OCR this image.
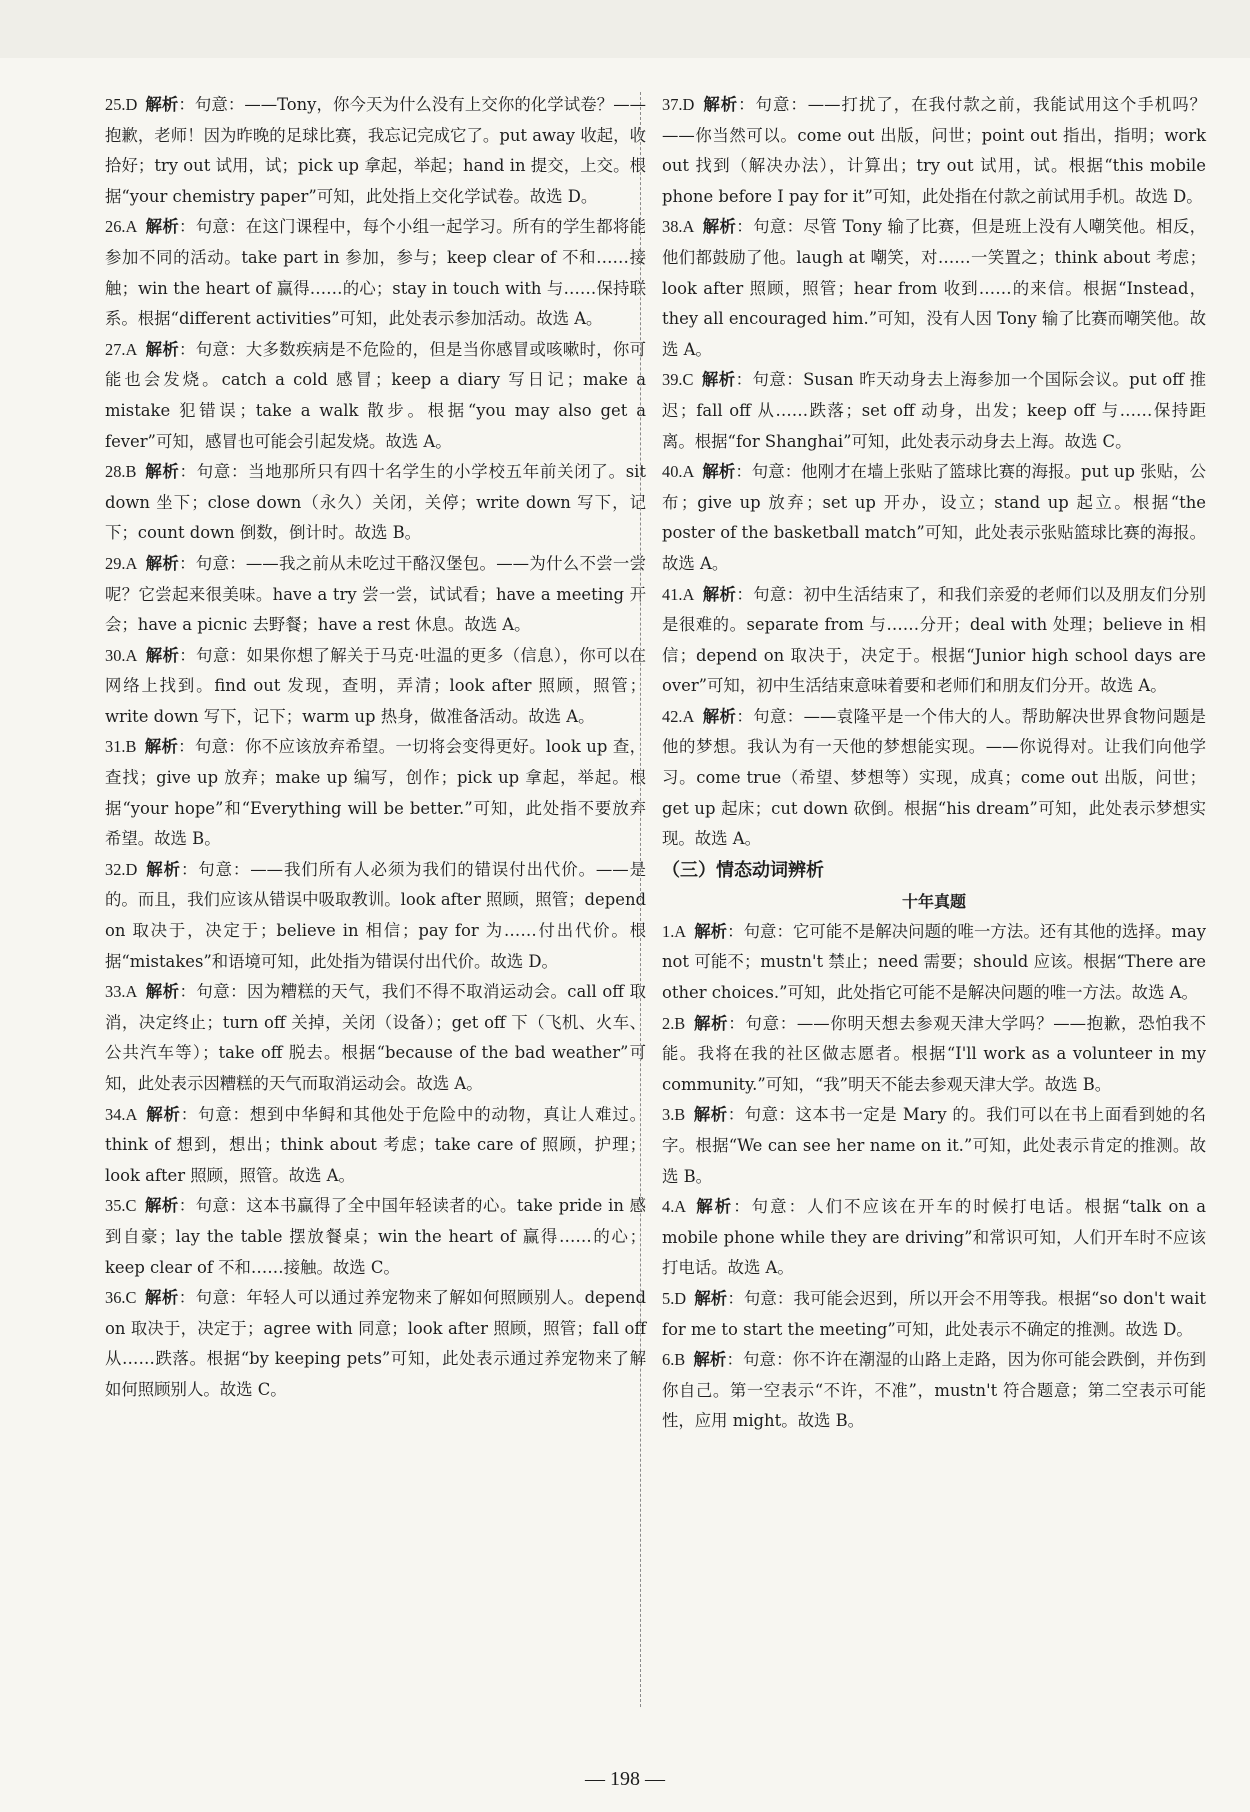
25.D 解析：句意：——Tony，你今天为什么没有上交你的化学试卷？——抱歉，老师！因为昨晚的足球比赛，我忘记完成它了。put away 收起，收拾好；try out 试用，试；pick up 拿起，举起；hand in 提交，上交。根据“your chemistry paper”可知，此处指上交化学试卷。故选 D。
26.A 解析：句意：在这门课程中，每个小组一起学习。所有的学生都将能参加不同的活动。take part in 参加，参与；keep clear of 不和……接触；win the heart of 赢得……的心；stay in touch with 与……保持联系。根据“different activities”可知，此处表示参加活动。故选 A。
27.A 解析：句意：大多数疾病是不危险的，但是当你感冒或咳嗽时，你可能也会发烧。catch a cold 感冒；keep a diary 写日记；make a mistake 犯错误；take a walk 散步。根据“you may also get a fever”可知，感冒也可能会引起发烧。故选 A。
28.B 解析：句意：当地那所只有四十名学生的小学校五年前关闭了。sit down 坐下；close down（永久）关闭，关停；write down 写下，记下；count down 倒数，倒计时。故选 B。
29.A 解析：句意：——我之前从未吃过干酪汉堡包。——为什么不尝一尝呢？它尝起来很美味。have a try 尝一尝，试试看；have a meeting 开会；have a picnic 去野餐；have a rest 休息。故选 A。
30.A 解析：句意：如果你想了解关于马克·吐温的更多（信息），你可以在网络上找到。find out 发现，查明，弄清；look after 照顾，照管；write down 写下，记下；warm up 热身，做准备活动。故选 A。
31.B 解析：句意：你不应该放弃希望。一切将会变得更好。look up 查，查找；give up 放弃；make up 编写，创作；pick up 拿起，举起。根据“your hope”和“Everything will be better.”可知，此处指不要放弃希望。故选 B。
32.D 解析：句意：——我们所有人必须为我们的错误付出代价。——是的。而且，我们应该从错误中吸取教训。look after 照顾，照管；depend on 取决于，决定于；believe in 相信；pay for 为……付出代价。根据“mistakes”和语境可知，此处指为错误付出代价。故选 D。
33.A 解析：句意：因为糟糕的天气，我们不得不取消运动会。call off 取消，决定终止；turn off 关掉，关闭（设备）；get off 下（飞机、火车、公共汽车等）；take off 脱去。根据“because of the bad weather”可知，此处表示因糟糕的天气而取消运动会。故选 A。
34.A 解析：句意：想到中华鲟和其他处于危险中的动物，真让人难过。think of 想到，想出；think about 考虑；take care of 照顾，护理；look after 照顾，照管。故选 A。
35.C 解析：句意：这本书赢得了全中国年轻读者的心。take pride in 感到自豪；lay the table 摆放餐桌；win the heart of 赢得……的心；keep clear of 不和……接触。故选 C。
36.C 解析：句意：年轻人可以通过养宠物来了解如何照顾别人。depend on 取决于，决定于；agree with 同意；look after 照顾，照管；fall off 从……跌落。根据“by keeping pets”可知，此处表示通过养宠物来了解如何照顾别人。故选 C。
37.D 解析：句意：——打扰了，在我付款之前，我能试用这个手机吗？——你当然可以。come out 出版，问世；point out 指出，指明；work out 找到（解决办法），计算出；try out 试用，试。根据“this mobile phone before I pay for it”可知，此处指在付款之前试用手机。故选 D。
38.A 解析：句意：尽管 Tony 输了比赛，但是班上没有人嘲笑他。相反，他们都鼓励了他。laugh at 嘲笑，对……一笑置之；think about 考虑；look after 照顾，照管；hear from 收到……的来信。根据“Instead，they all encouraged him.”可知，没有人因 Tony 输了比赛而嘲笑他。故选 A。
39.C 解析：句意：Susan 昨天动身去上海参加一个国际会议。put off 推迟；fall off 从……跌落；set off 动身，出发；keep off 与……保持距离。根据“for Shanghai”可知，此处表示动身去上海。故选 C。
40.A 解析：句意：他刚才在墙上张贴了篮球比赛的海报。put up 张贴，公布；give up 放弃；set up 开办，设立；stand up 起立。根据“the poster of the basketball match”可知，此处表示张贴篮球比赛的海报。故选 A。
41.A 解析：句意：初中生活结束了，和我们亲爱的老师们以及朋友们分别是很难的。separate from 与……分开；deal with 处理；believe in 相信；depend on 取决于，决定于。根据“Junior high school days are over”可知，初中生活结束意味着要和老师们和朋友们分开。故选 A。
42.A 解析：句意：——袁隆平是一个伟大的人。帮助解决世界食物问题是他的梦想。我认为有一天他的梦想能实现。——你说得对。让我们向他学习。come true（希望、梦想等）实现，成真；come out 出版，问世；get up 起床；cut down 砍倒。根据“his dream”可知，此处表示梦想实现。故选 A。
（三）情态动词辨析
十年真题
1.A 解析：句意：它可能不是解决问题的唯一方法。还有其他的选择。may not 可能不；mustn't 禁止；need 需要；should 应该。根据“There are other choices.”可知，此处指它可能不是解决问题的唯一方法。故选 A。
2.B 解析：句意：——你明天想去参观天津大学吗？——抱歉，恐怕我不能。我将在我的社区做志愿者。根据“I'll work as a volunteer in my community.”可知，“我”明天不能去参观天津大学。故选 B。
3.B 解析：句意：这本书一定是 Mary 的。我们可以在书上面看到她的名字。根据“We can see her name on it.”可知，此处表示肯定的推测。故选 B。
4.A 解析：句意：人们不应该在开车的时候打电话。根据“talk on a mobile phone while they are driving”和常识可知，人们开车时不应该打电话。故选 A。
5.D 解析：句意：我可能会迟到，所以开会不用等我。根据“so don't wait for me to start the meeting”可知，此处表示不确定的推测。故选 D。
6.B 解析：句意：你不许在潮湿的山路上走路，因为你可能会跌倒，并伤到你自己。第一空表示“不许，不准”，mustn't 符合题意；第二空表示可能性，应用 might。故选 B。
— 198 —
